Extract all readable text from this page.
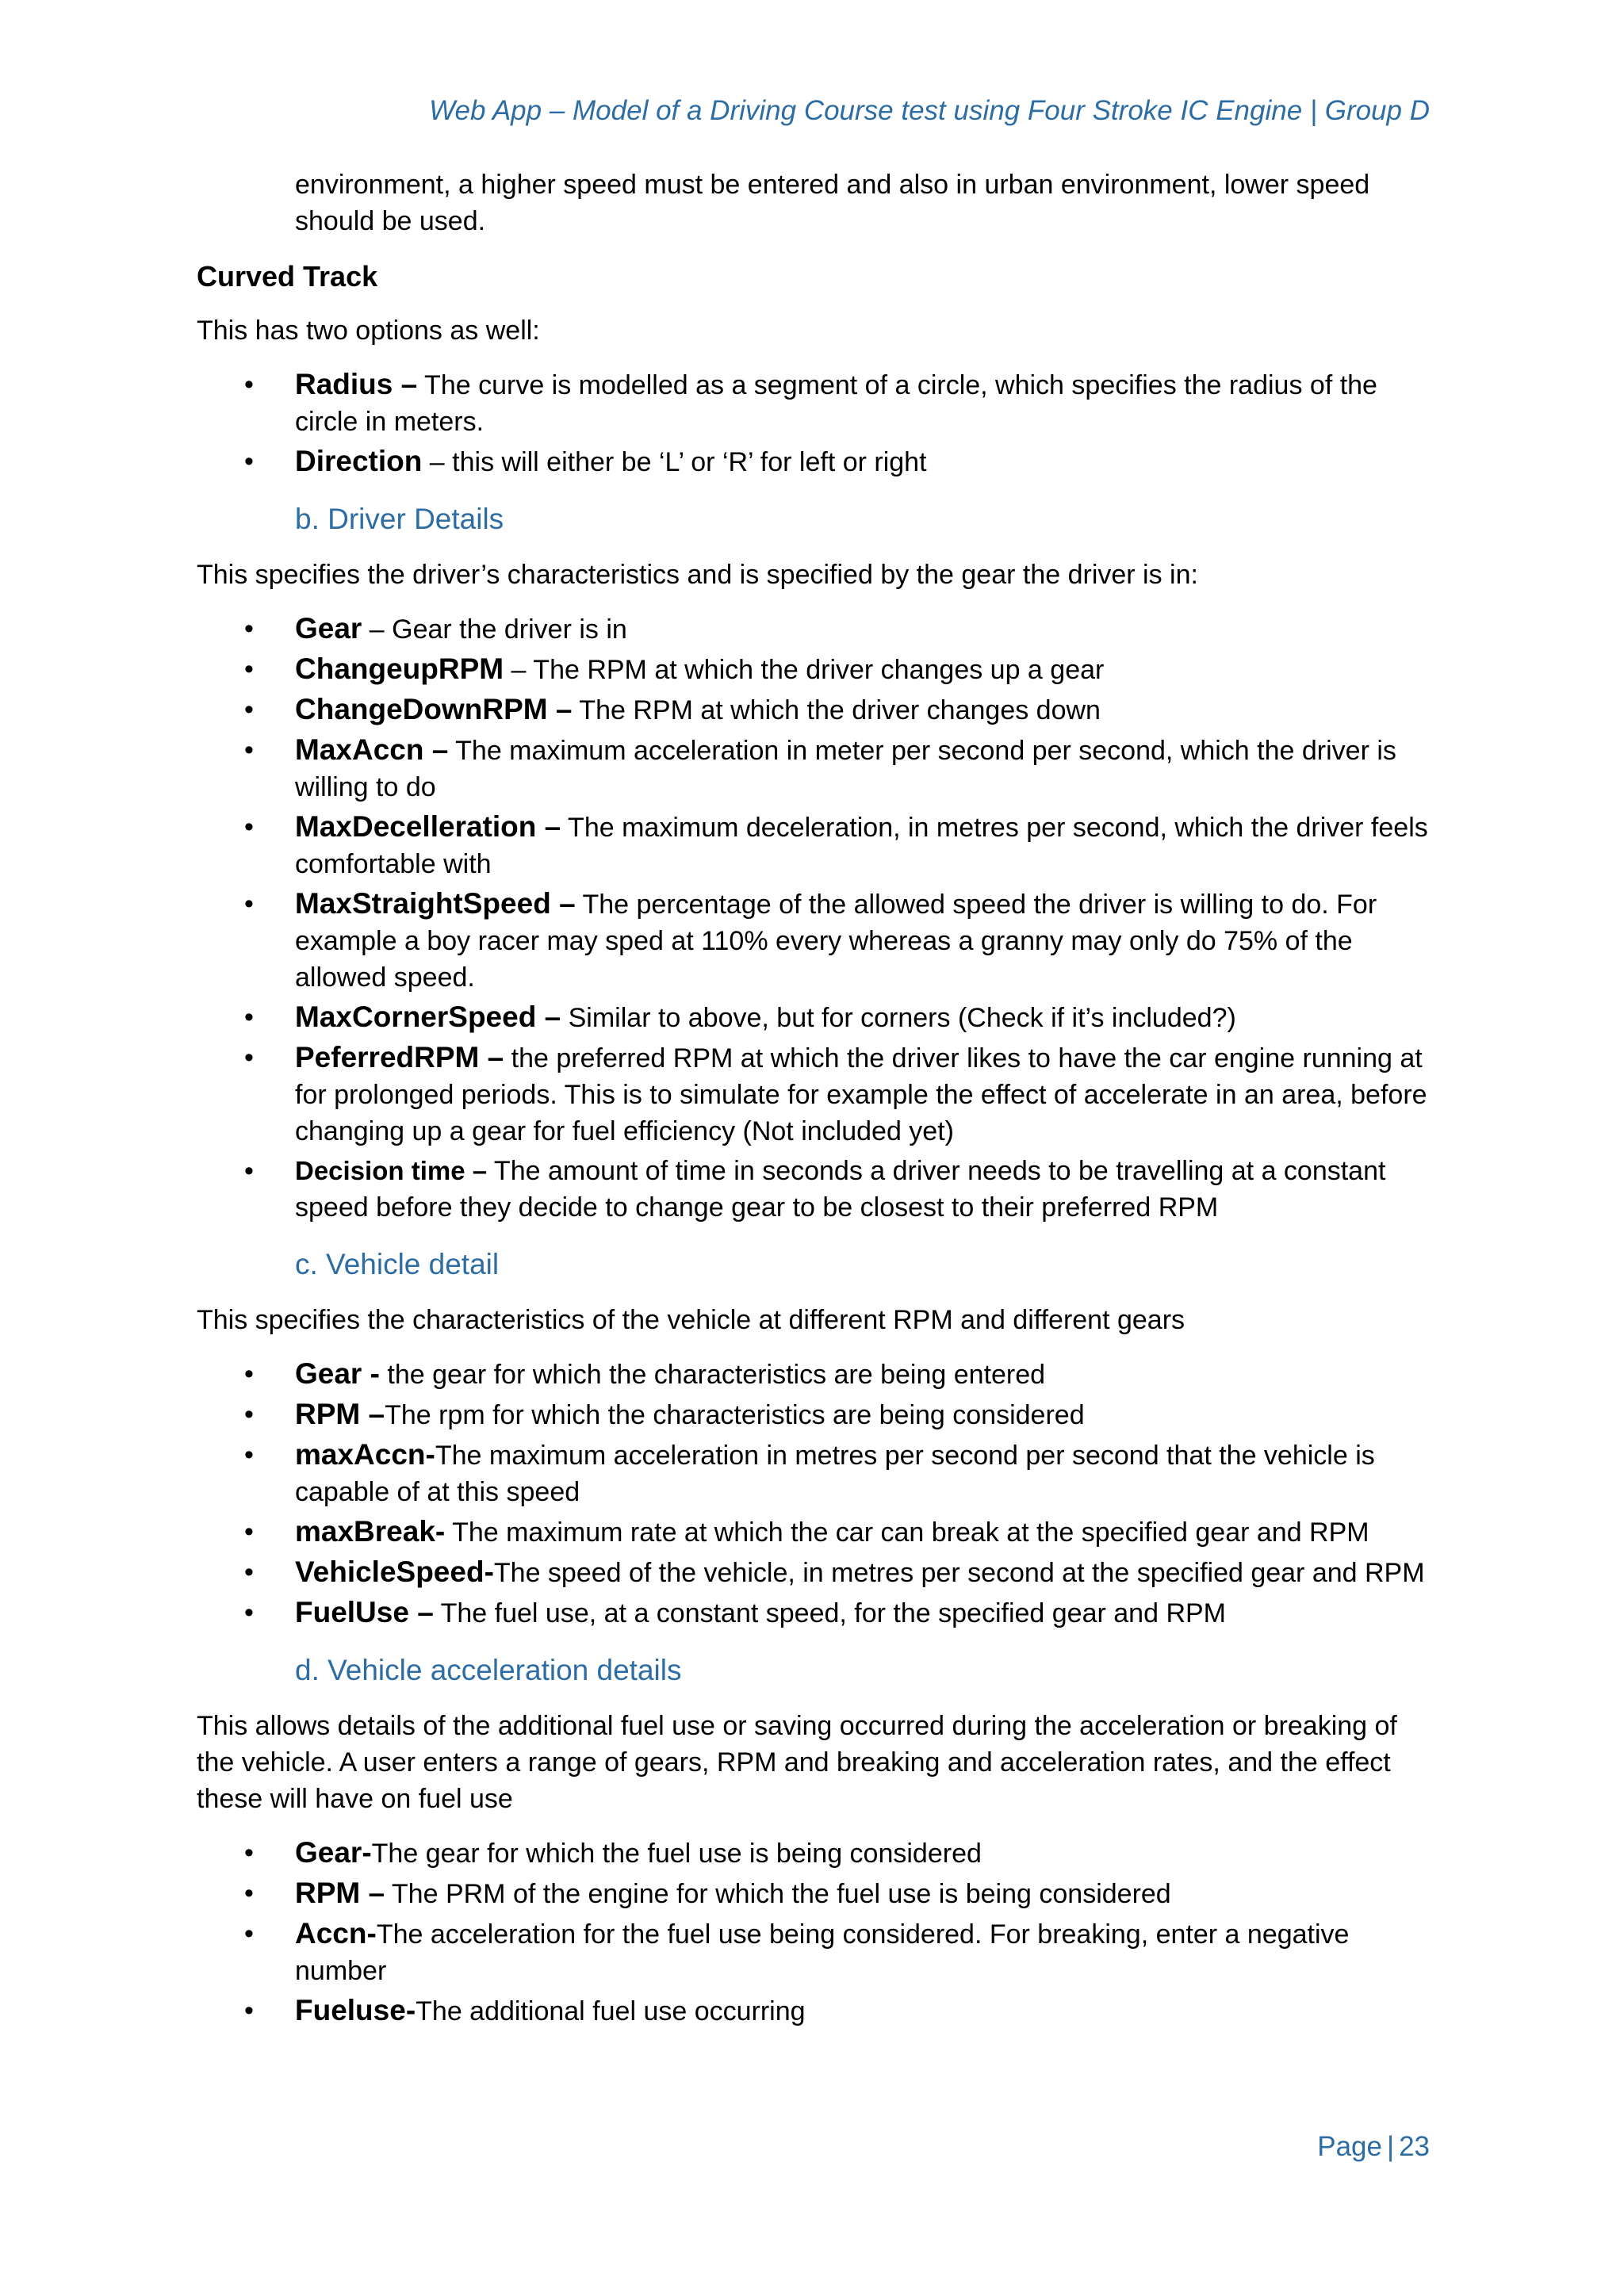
Web App – Model of a Driving Course test using Four Stroke IC Engine | Group D

environment, a higher speed must be entered and also in urban environment, lower speed should be used.

Curved Track

This has two options as well:

• Radius – The curve is modelled as a segment of a circle, which specifies the radius of the circle in meters.
• Direction – this will either be ‘L’ or ‘R’ for left or right

b. Driver Details

This specifies the driver’s characteristics and is specified by the gear the driver is in:

• Gear – Gear the driver is in
• ChangeupRPM – The RPM at which the driver changes up a gear
• ChangeDownRPM – The RPM at which the driver changes down
• MaxAccn – The maximum acceleration in meter per second per second, which the driver is willing to do
• MaxDecelleration – The maximum deceleration, in metres per second, which the driver feels comfortable with
• MaxStraightSpeed – The percentage of the allowed speed the driver is willing to do. For example a boy racer may sped at 110% every whereas a granny may only do 75% of the allowed speed.
• MaxCornerSpeed – Similar to above, but for corners (Check if it’s included?)
• PeferredRPM – the preferred RPM at which the driver likes to have the car engine running at for prolonged periods. This is to simulate for example the effect of accelerate in an area, before changing up a gear for fuel efficiency (Not included yet)
• Decision time – The amount of time in seconds a driver needs to be travelling at a constant speed before they decide to change gear to be closest to their preferred RPM

c. Vehicle detail

This specifies the characteristics of the vehicle at different RPM and different gears

• Gear - the gear for which the characteristics are being entered
• RPM –The rpm for which the characteristics are being considered
• maxAccn-The maximum acceleration in metres per second per second that the vehicle is capable of at this speed
• maxBreak- The maximum rate at which the car can break at the specified gear and RPM
• VehicleSpeed-The speed of the vehicle, in metres per second at the specified gear and RPM
• FuelUse – The fuel use, at a constant speed, for the specified gear and RPM

d. Vehicle acceleration details

This allows details of the additional fuel use or saving occurred during the acceleration or breaking of the vehicle. A user enters a range of gears, RPM and breaking and acceleration rates, and the effect these will have on fuel use

• Gear-The gear for which the fuel use is being considered
• RPM – The PRM of the engine for which the fuel use is being considered
• Accn-The acceleration for the fuel use being considered. For breaking, enter a negative number
• Fueluse-The additional fuel use occurring
Page | 23
